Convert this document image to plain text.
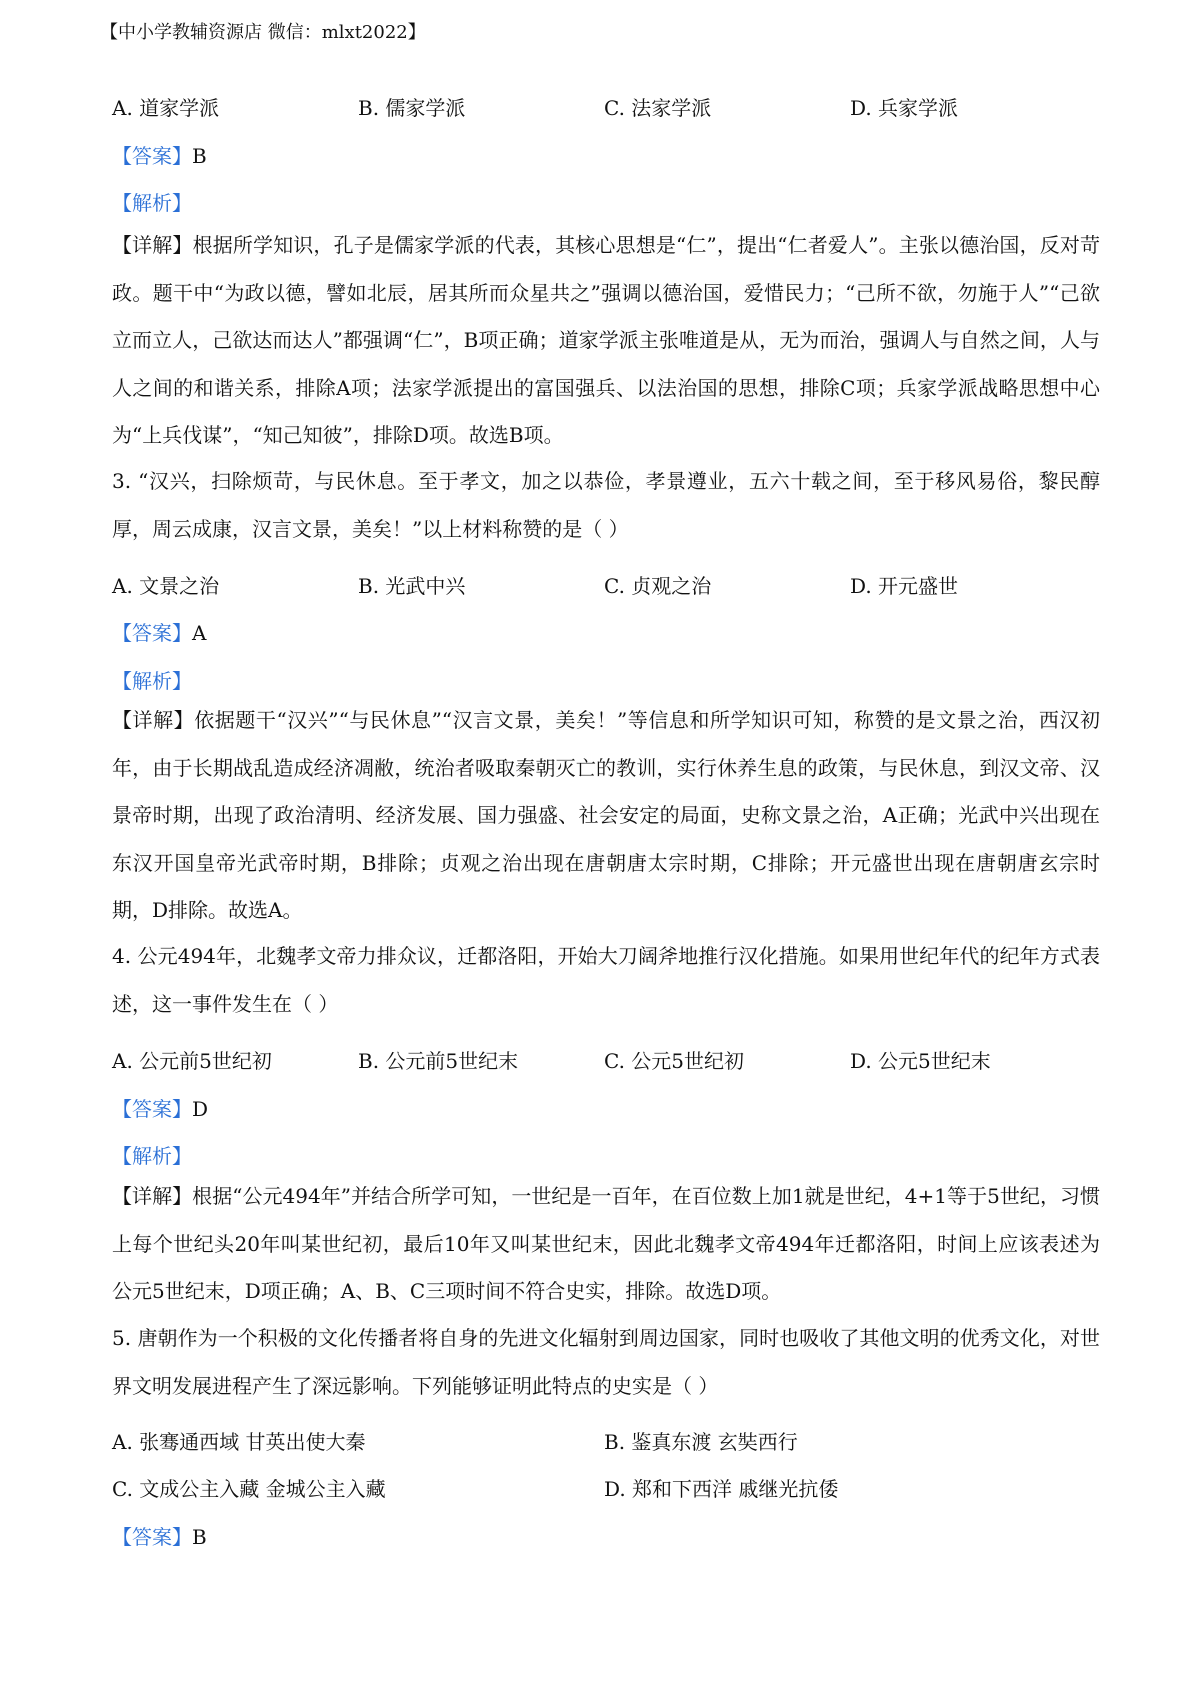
【中小学教辅资源店 微信：mlxt2022】
A. 道家学派	B. 儒家学派	C. 法家学派	D. 兵家学派
【答案】B
【解析】
【详解】根据所学知识，孔子是儒家学派的代表，其核心思想是“仁”，提出“仁者爱人”。主张以德治国，反对苛政。题干中“为政以德，譬如北辰，居其所而众星共之”强调以德治国，爱惜民力；“己所不欲，勿施于人”“己欲立而立人，己欲达而达人”都强调“仁”，B项正确；道家学派主张唯道是从，无为而治，强调人与自然之间，人与人之间的和谐关系，排除A项；法家学派提出的富国强兵、以法治国的思想，排除C项；兵家学派战略思想中心为“上兵伐谋”，“知己知彼”，排除D项。故选B项。
3. “汉兴，扫除烦苛，与民休息。至于孝文，加之以恭俭，孝景遵业，五六十载之间，至于移风易俗，黎民醇厚，周云成康，汉言文景，美矣！”以上材料称赞的是（ ）
A. 文景之治	B. 光武中兴	C. 贞观之治	D. 开元盛世
【答案】A
【解析】
【详解】依据题干“汉兴”“与民休息”“汉言文景，美矣！”等信息和所学知识可知，称赞的是文景之治，西汉初年，由于长期战乱造成经济凋敝，统治者吸取秦朝灭亡的教训，实行休养生息的政策，与民休息，到汉文帝、汉景帝时期，出现了政治清明、经济发展、国力强盛、社会安定的局面，史称文景之治，A正确；光武中兴出现在东汉开国皇帝光武帝时期，B排除；贞观之治出现在唐朝唐太宗时期，C排除；开元盛世出现在唐朝唐玄宗时期，D排除。故选A。
4. 公元494年，北魏孝文帝力排众议，迁都洛阳，开始大刀阔斧地推行汉化措施。如果用世纪年代的纪年方式表述，这一事件发生在（ ）
A. 公元前5世纪初	B. 公元前5世纪末	C. 公元5世纪初	D. 公元5世纪末
【答案】D
【解析】
【详解】根据“公元494年”并结合所学可知，一世纪是一百年，在百位数上加1就是世纪，4+1等于5世纪，习惯上每个世纪头20年叫某世纪初，最后10年又叫某世纪末，因此北魏孝文帝494年迁都洛阳，时间上应该表述为公元5世纪末，D项正确；A、B、C三项时间不符合史实，排除。故选D项。
5. 唐朝作为一个积极的文化传播者将自身的先进文化辐射到周边国家，同时也吸收了其他文明的优秀文化，对世界文明发展进程产生了深远影响。下列能够证明此特点的史实是（ ）
A. 张骞通西域 甘英出使大秦	B. 鉴真东渡 玄奘西行
C. 文成公主入藏 金城公主入藏	D. 郑和下西洋 戚继光抗倭
【答案】B
